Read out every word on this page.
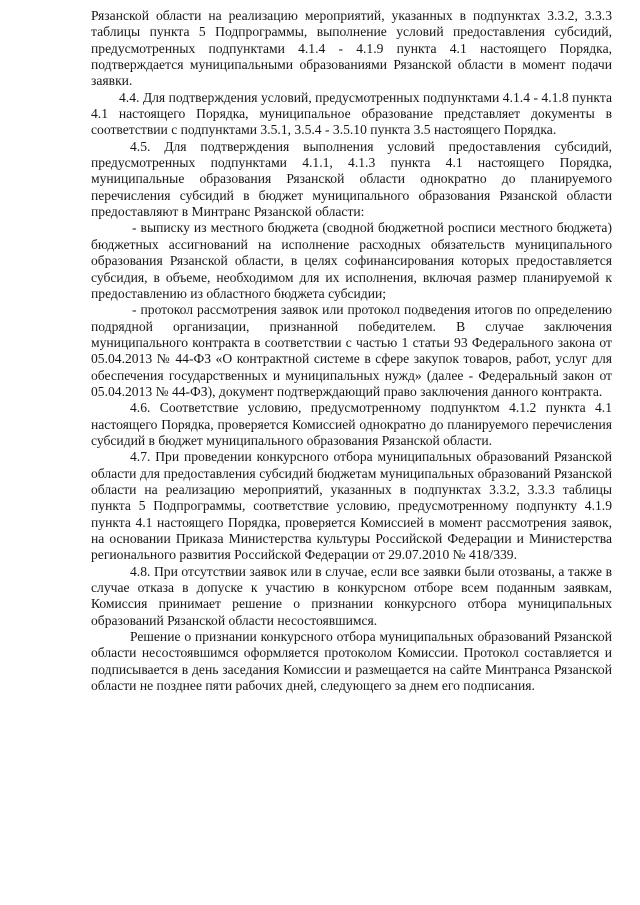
Рязанской области на реализацию мероприятий, указанных в подпунктах 3.3.2, 3.3.3 таблицы пункта 5 Подпрограммы, выполнение условий предоставления субсидий, предусмотренных подпунктами 4.1.4 - 4.1.9 пункта 4.1 настоящего Порядка, подтверждается муниципальными образованиями Рязанской области в момент подачи заявки.

4.4. Для подтверждения условий, предусмотренных подпунктами 4.1.4 - 4.1.8 пункта 4.1 настоящего Порядка, муниципальное образование представляет документы в соответствии с подпунктами 3.5.1, 3.5.4 - 3.5.10 пункта 3.5 настоящего Порядка.

4.5. Для подтверждения выполнения условий предоставления субсидий, предусмотренных подпунктами 4.1.1, 4.1.3 пункта 4.1 настоящего Порядка, муниципальные образования Рязанской области однократно до планируемого перечисления субсидий в бюджет муниципального образования Рязанской области предоставляют в Минтранс Рязанской области:

- выписку из местного бюджета (сводной бюджетной росписи местного бюджета) бюджетных ассигнований на исполнение расходных обязательств муниципального образования Рязанской области, в целях софинансирования которых предоставляется субсидия, в объеме, необходимом для их исполнения, включая размер планируемой к предоставлению из областного бюджета субсидии;

- протокол рассмотрения заявок или протокол подведения итогов по определению подрядной организации, признанной победителем. В случае заключения муниципального контракта в соответствии с частью 1 статьи 93 Федерального закона от 05.04.2013 № 44-ФЗ «О контрактной системе в сфере закупок товаров, работ, услуг для обеспечения государственных и муниципальных нужд» (далее - Федеральный закон от 05.04.2013 № 44-ФЗ), документ подтверждающий право заключения данного контракта.

4.6. Соответствие условию, предусмотренному подпунктом 4.1.2 пункта 4.1 настоящего Порядка, проверяется Комиссией однократно до планируемого перечисления субсидий в бюджет муниципального образования Рязанской области.

4.7. При проведении конкурсного отбора муниципальных образований Рязанской области для предоставления субсидий бюджетам муниципальных образований Рязанской области на реализацию мероприятий, указанных в подпунктах 3.3.2, 3.3.3 таблицы пункта 5 Подпрограммы, соответствие условию, предусмотренному подпункту 4.1.9 пункта 4.1 настоящего Порядка, проверяется Комиссией в момент рассмотрения заявок, на основании Приказа Министерства культуры Российской Федерации и Министерства регионального развития Российской Федерации от 29.07.2010 № 418/339.

4.8. При отсутствии заявок или в случае, если все заявки были отозваны, а также в случае отказа в допуске к участию в конкурсном отборе всем поданным заявкам, Комиссия принимает решение о признании конкурсного отбора муниципальных образований Рязанской области несостоявшимся.

Решение о признании конкурсного отбора муниципальных образований Рязанской области несостоявшимся оформляется протоколом Комиссии. Протокол составляется и подписывается в день заседания Комиссии и размещается на сайте Минтранса Рязанской области не позднее пяти рабочих дней, следующего за днем его подписания.
